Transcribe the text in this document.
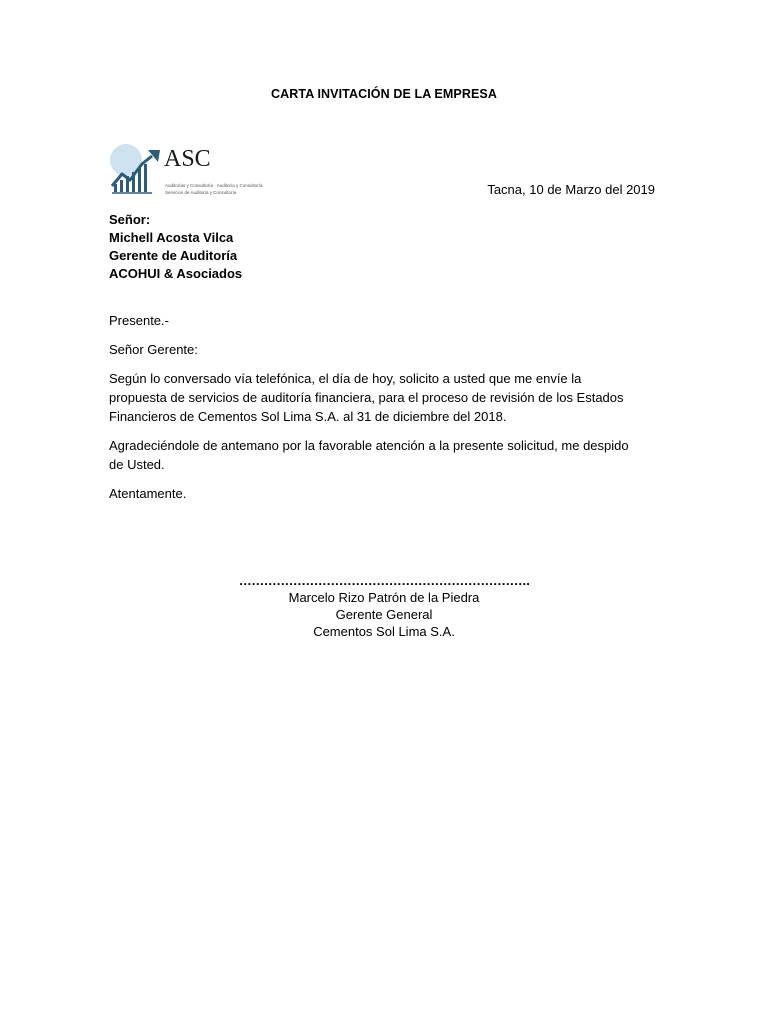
CARTA INVITACIÓN DE LA EMPRESA
ASC
Auditorías y Consultoría · Auditoría y Consultoría
Servicios de Auditoría y Consultoría	Tacna, 10 de Marzo del 2019
Señor:
Michell Acosta Vilca
Gerente de Auditoría
ACOHUI & Asociados
Presente.-
Señor Gerente:
Según lo conversado vía telefónica, el día de hoy, solicito a usted que me envíe la propuesta de servicios de auditoría financiera, para el proceso de revisión de los Estados Financieros de Cementos Sol Lima S.A. al 31 de diciembre del 2018.
Agradeciéndole de antemano por la favorable atención a la presente solicitud, me despido de Usted.
Atentamente.
…………………………………………………………….
Marcelo Rizo Patrón de la Piedra
Gerente General
Cementos Sol Lima S.A.
